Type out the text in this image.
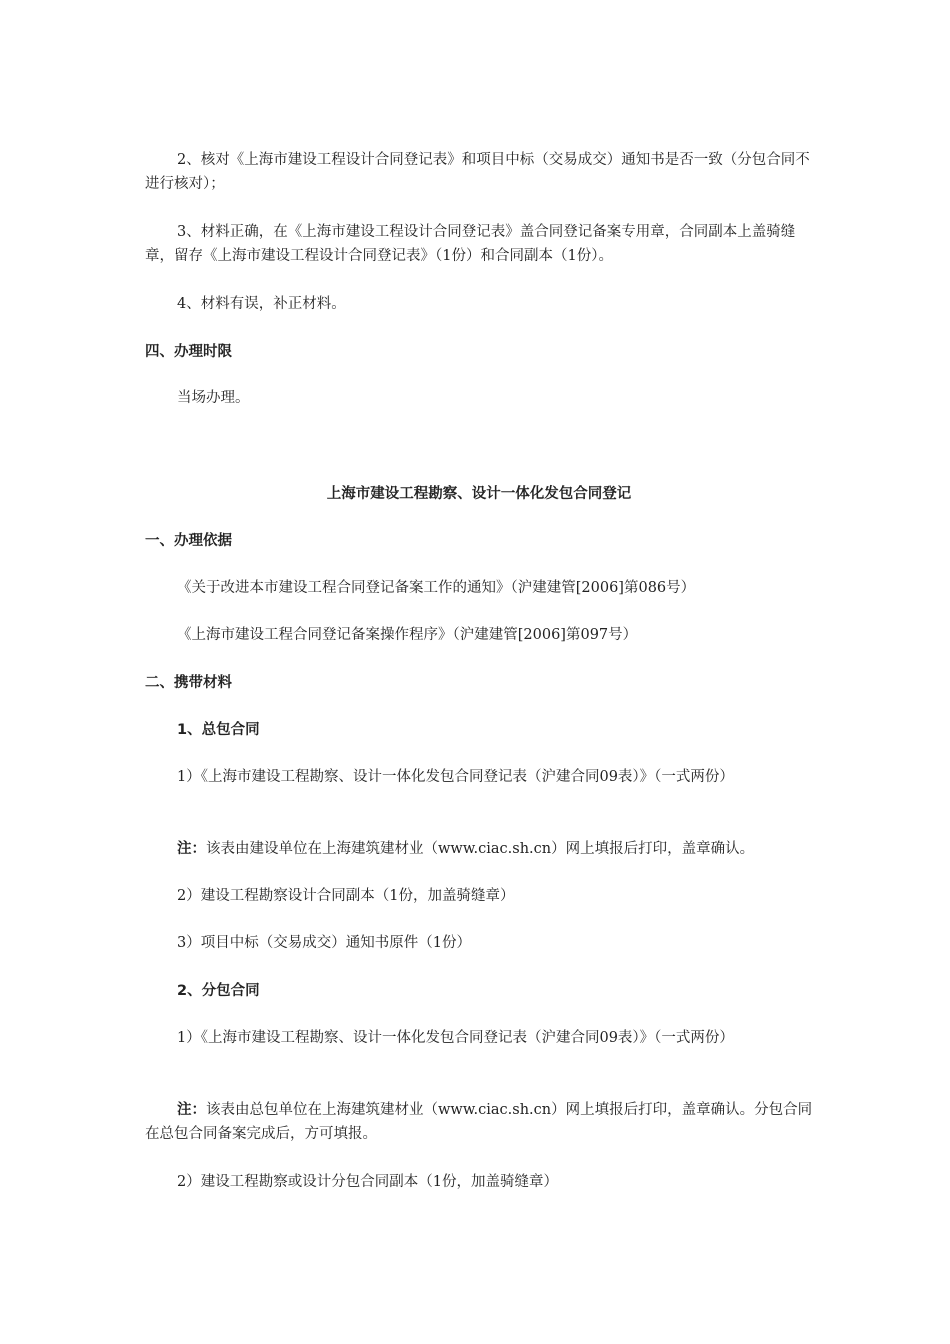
2、核对《上海市建设工程设计合同登记表》和项目中标（交易成交）通知书是否一致（分包合同不进行核对）；

3、材料正确，在《上海市建设工程设计合同登记表》盖合同登记备案专用章，合同副本上盖骑缝章，留存《上海市建设工程设计合同登记表》（1份）和合同副本（1份）。

4、材料有误，补正材料。

四、办理时限

当场办理。

上海市建设工程勘察、设计一体化发包合同登记

一、办理依据

《关于改进本市建设工程合同登记备案工作的通知》（沪建建管[2006]第086号）

《上海市建设工程合同登记备案操作程序》（沪建建管[2006]第097号）

二、携带材料

1、总包合同

1）《上海市建设工程勘察、设计一体化发包合同登记表（沪建合同09表）》（一式两份）

注：该表由建设单位在上海建筑建材业（www.ciac.sh.cn）网上填报后打印，盖章确认。

2）建设工程勘察设计合同副本（1份，加盖骑缝章）

3）项目中标（交易成交）通知书原件（1份）

2、分包合同

1）《上海市建设工程勘察、设计一体化发包合同登记表（沪建合同09表）》（一式两份）

注：该表由总包单位在上海建筑建材业（www.ciac.sh.cn）网上填报后打印，盖章确认。分包合同在总包合同备案完成后，方可填报。

2）建设工程勘察或设计分包合同副本（1份，加盖骑缝章）
